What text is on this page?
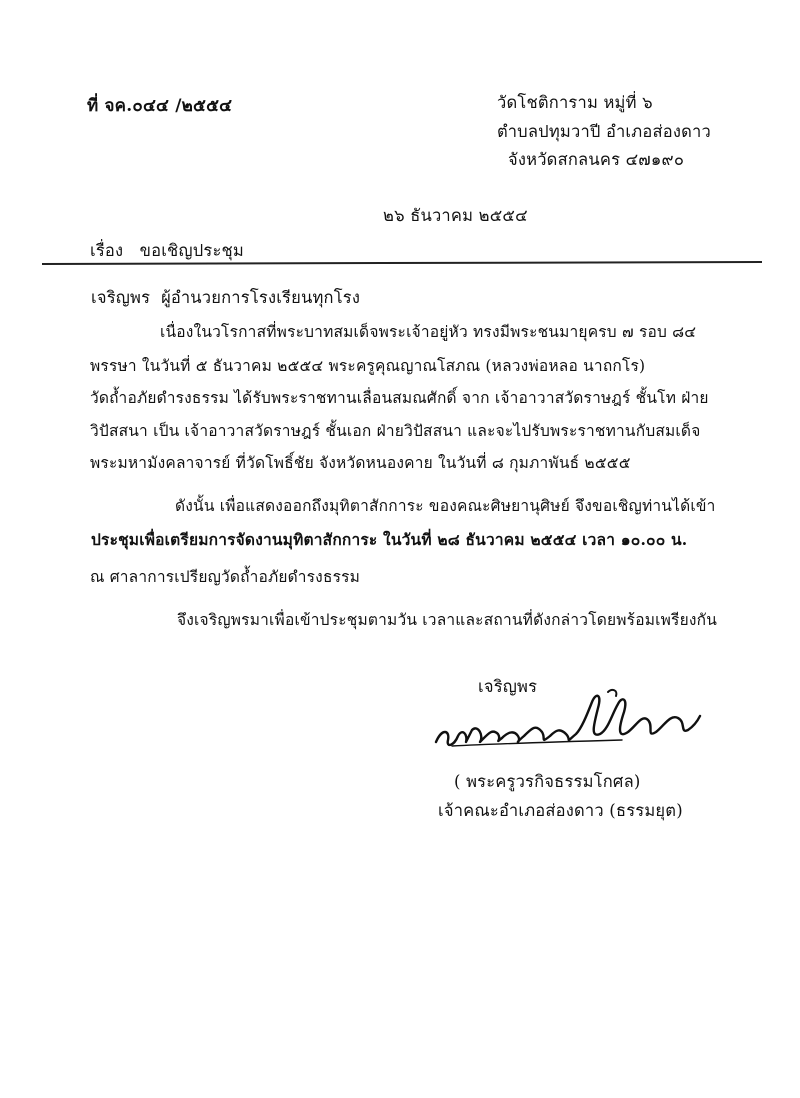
ที่ จค.๐๔๔ /๒๕๕๔	วัดโชติการาม หมู่ที่ ๖
ตำบลปทุมวาปี อำเภอส่องดาว
จังหวัดสกลนคร ๔๗๑๙๐
๒๖ ธันวาคม ๒๕๕๔
เรื่อง ขอเชิญประชุม
เจริญพร ผู้อำนวยการโรงเรียนทุกโรง
เนื่องในวโรกาสที่พระบาทสมเด็จพระเจ้าอยู่หัว ทรงมีพระชนมายุครบ ๗ รอบ ๘๔
พรรษา ในวันที่ ๕ ธันวาคม ๒๕๕๔ พระครูคุณญาณโสภณ (หลวงพ่อหลอ นาถกโร)
วัดถ้ำอภัยดำรงธรรม ได้รับพระราชทานเลื่อนสมณศักดิ์ จาก เจ้าอาวาสวัดราษฎร์ ชั้นโท ฝ่าย
วิปัสสนา เป็น เจ้าอาวาสวัดราษฎร์ ชั้นเอก ฝ่ายวิปัสสนา และจะไปรับพระราชทานกับสมเด็จ
พระมหามังคลาจารย์ ที่วัดโพธิ์ชัย จังหวัดหนองคาย ในวันที่ ๘ กุมภาพันธ์ ๒๕๕๕
ดังนั้น เพื่อแสดงออกถึงมุทิตาสักการะ ของคณะศิษยานุศิษย์ จึงขอเชิญท่านได้เข้า
ประชุมเพื่อเตรียมการจัดงานมุทิตาสักการะ ในวันที่ ๒๘ ธันวาคม ๒๕๕๔ เวลา ๑๐.๐๐ น.
ณ ศาลาการเปรียญวัดถ้ำอภัยดำรงธรรม
จึงเจริญพรมาเพื่อเข้าประชุมตามวัน เวลาและสถานที่ดังกล่าวโดยพร้อมเพรียงกัน
เจริญพร
( พระครูวรกิจธรรมโกศล)
เจ้าคณะอำเภอส่องดาว (ธรรมยุต)
